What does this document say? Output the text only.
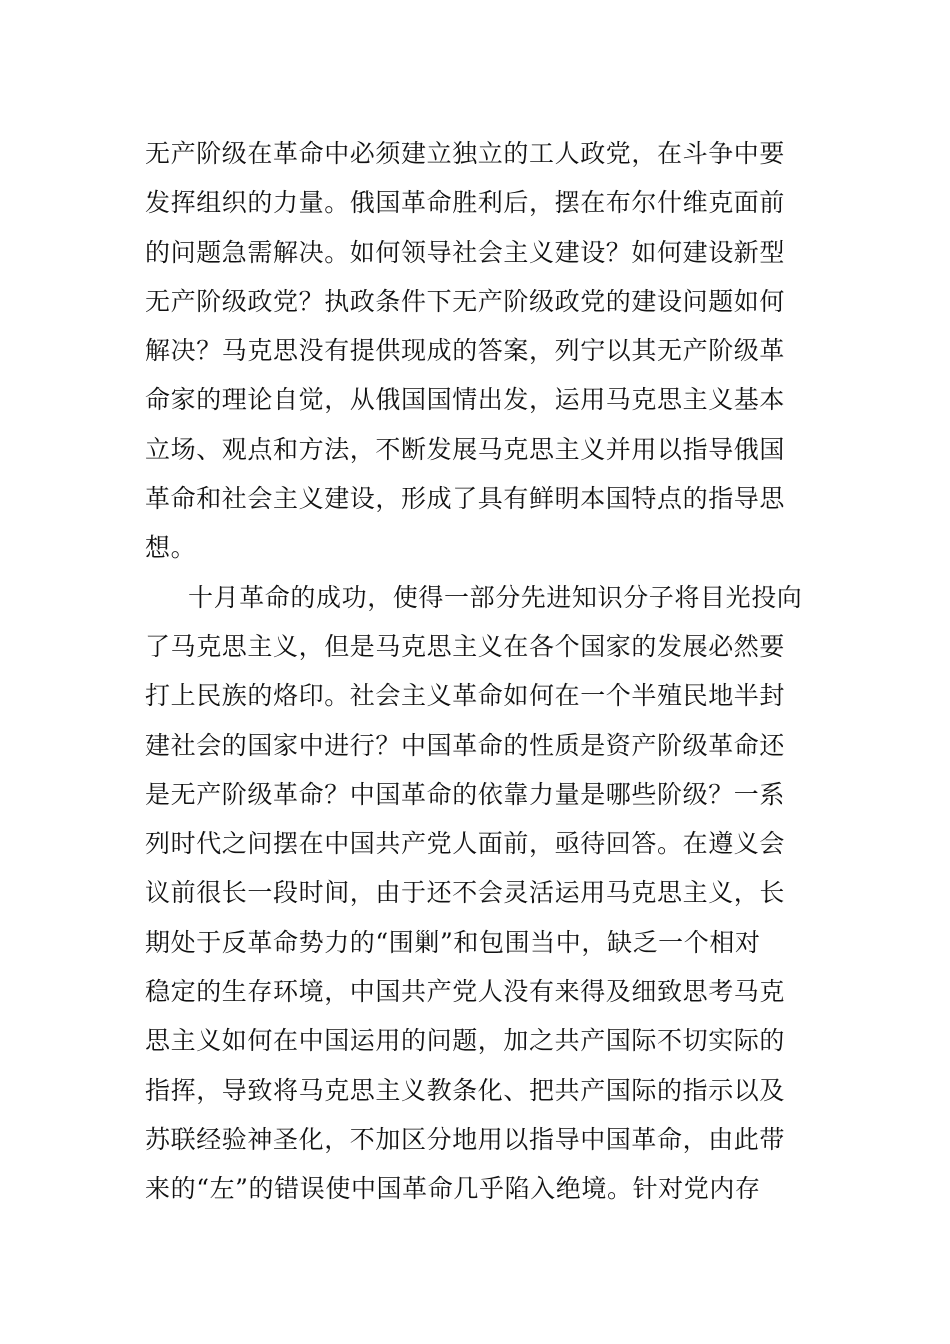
无产阶级在革命中必须建立独立的工人政党，在斗争中要
发挥组织的力量。俄国革命胜利后，摆在布尔什维克面前
的问题急需解决。如何领导社会主义建设？如何建设新型
无产阶级政党？执政条件下无产阶级政党的建设问题如何
解决？马克思没有提供现成的答案，列宁以其无产阶级革
命家的理论自觉，从俄国国情出发，运用马克思主义基本
立场、观点和方法，不断发展马克思主义并用以指导俄国
革命和社会主义建设，形成了具有鲜明本国特点的指导思
想。
十月革命的成功，使得一部分先进知识分子将目光投向
了马克思主义，但是马克思主义在各个国家的发展必然要
打上民族的烙印。社会主义革命如何在一个半殖民地半封
建社会的国家中进行？中国革命的性质是资产阶级革命还
是无产阶级革命？中国革命的依靠力量是哪些阶级？一系
列时代之问摆在中国共产党人面前，亟待回答。在遵义会
议前很长一段时间，由于还不会灵活运用马克思主义，长
期处于反革命势力的“围剿”和包围当中，缺乏一个相对
稳定的生存环境，中国共产党人没有来得及细致思考马克
思主义如何在中国运用的问题，加之共产国际不切实际的
指挥，导致将马克思主义教条化、把共产国际的指示以及
苏联经验神圣化，不加区分地用以指导中国革命，由此带
来的“左”的错误使中国革命几乎陷入绝境。针对党内存
